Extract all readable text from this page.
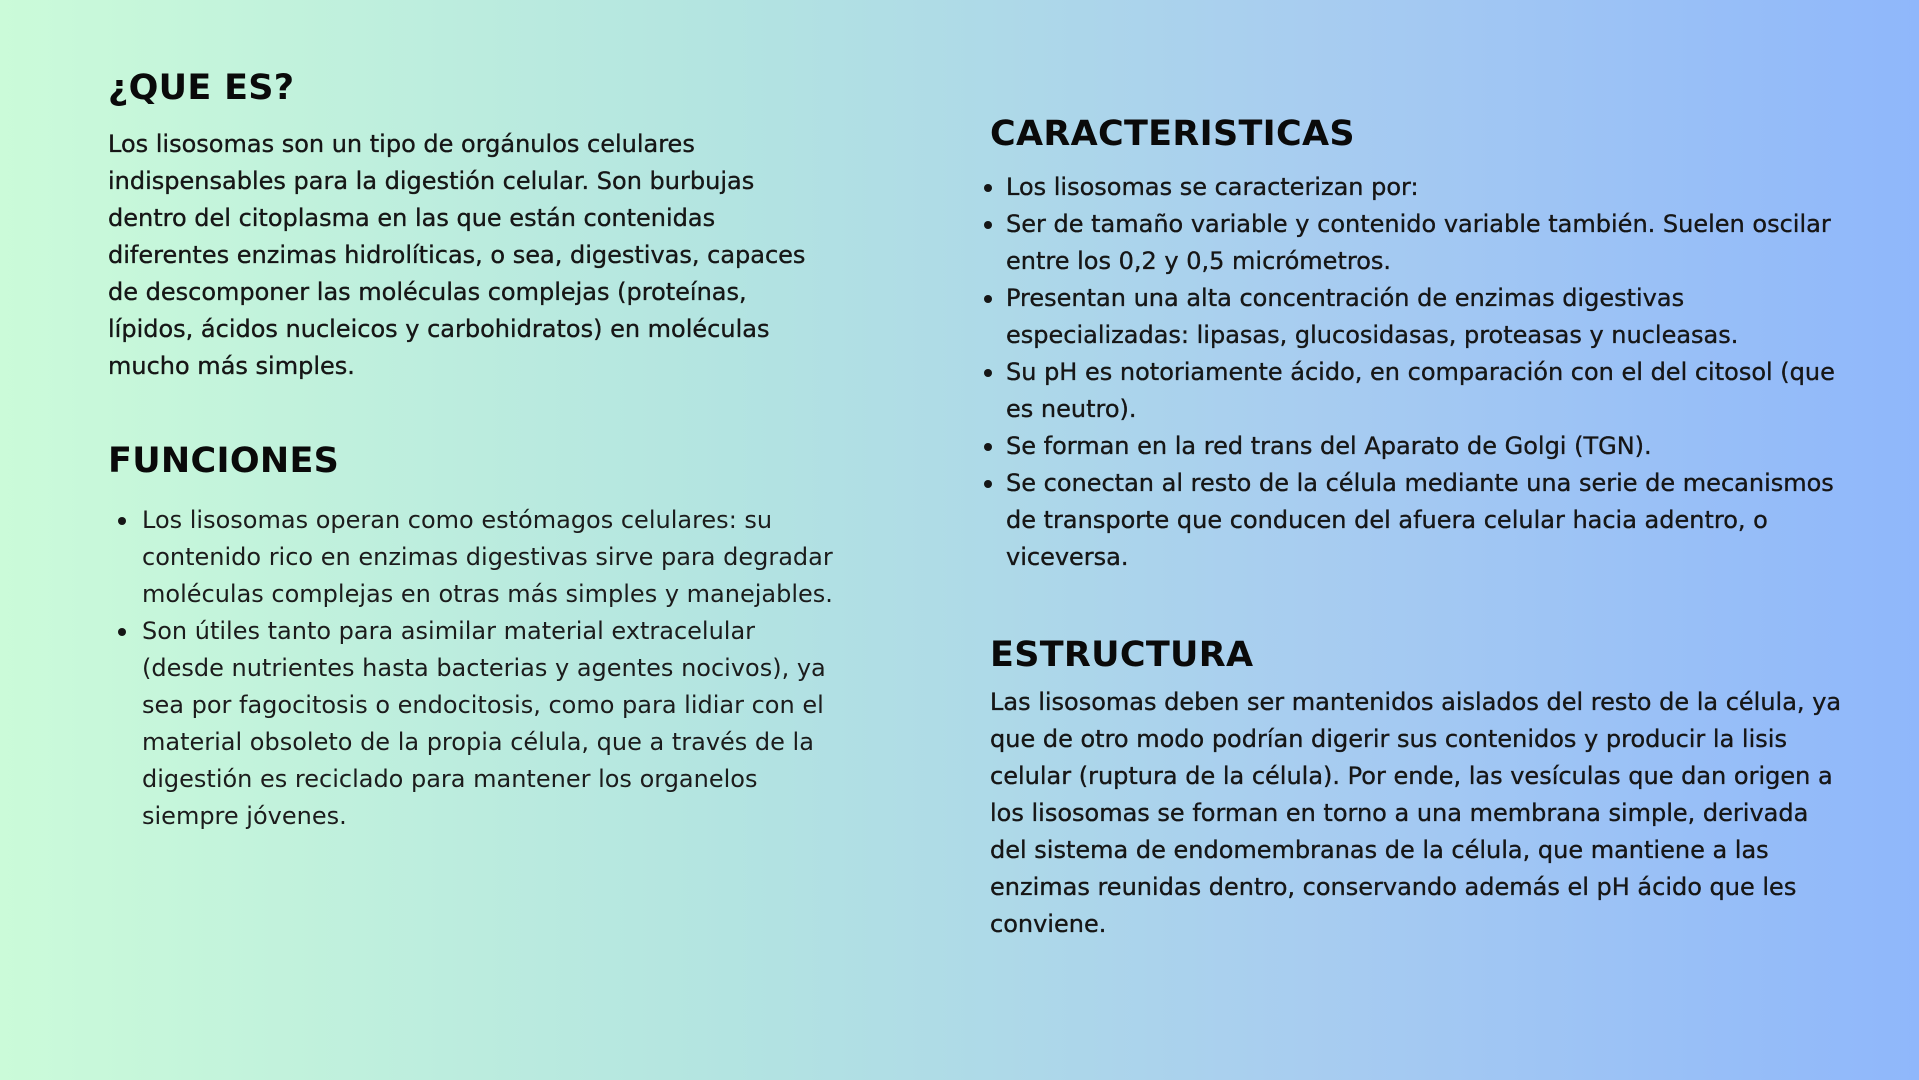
¿QUE ES?

Los lisosomas son un tipo de orgánulos celulares indispensables para la digestión celular. Son burbujas dentro del citoplasma en las que están contenidas diferentes enzimas hidrolíticas, o sea, digestivas, capaces de descomponer las moléculas complejas (proteínas, lípidos, ácidos nucleicos y carbohidratos) en moléculas mucho más simples.

FUNCIONES
Los lisosomas operan como estómagos celulares: su contenido rico en enzimas digestivas sirve para degradar moléculas complejas en otras más simples y manejables.
Son útiles tanto para asimilar material extracelular (desde nutrientes hasta bacterias y agentes nocivos), ya sea por fagocitosis o endocitosis, como para lidiar con el material obsoleto de la propia célula, que a través de la digestión es reciclado para mantener los organelos siempre jóvenes.
CARACTERISTICAS
Los lisosomas se caracterizan por:
Ser de tamaño variable y contenido variable también. Suelen oscilar entre los 0,2 y 0,5 micrómetros.
Presentan una alta concentración de enzimas digestivas especializadas: lipasas, glucosidasas, proteasas y nucleasas.
Su pH es notoriamente ácido, en comparación con el del citosol (que es neutro).
Se forman en la red trans del Aparato de Golgi (TGN).
Se conectan al resto de la célula mediante una serie de mecanismos de transporte que conducen del afuera celular hacia adentro, o viceversa.
ESTRUCTURA

Las lisosomas deben ser mantenidos aislados del resto de la célula, ya que de otro modo podrían digerir sus contenidos y producir la lisis celular (ruptura de la célula). Por ende, las vesículas que dan origen a los lisosomas se forman en torno a una membrana simple, derivada del sistema de endomembranas de la célula, que mantiene a las enzimas reunidas dentro, conservando además el pH ácido que les conviene.
